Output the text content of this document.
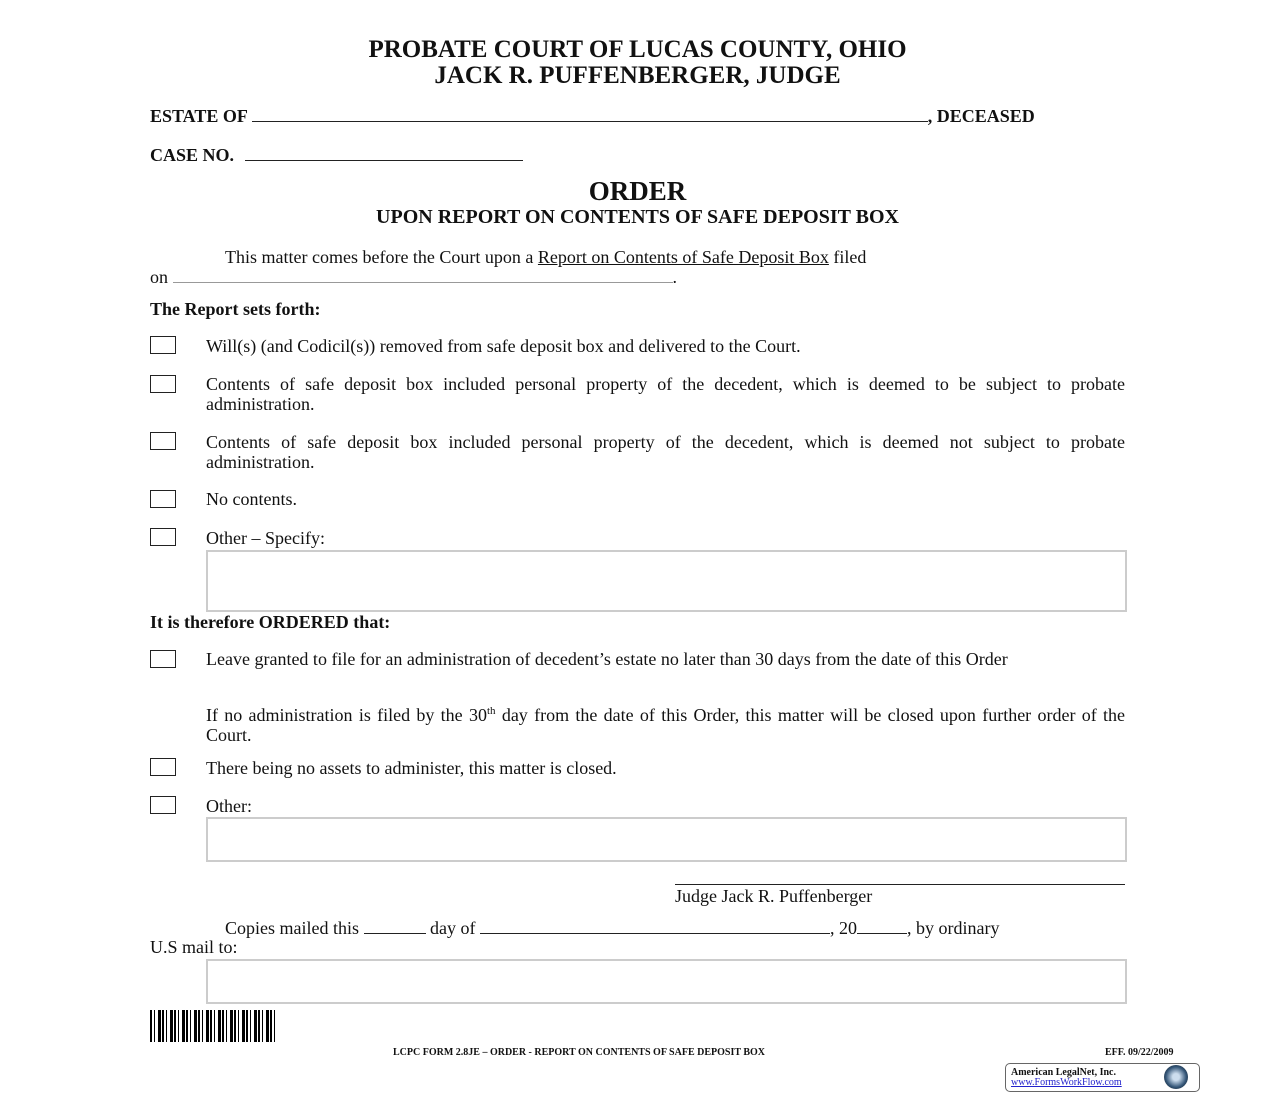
PROBATE COURT OF LUCAS COUNTY, OHIO
JACK R. PUFFENBERGER, JUDGE
ESTATE OF	, DECEASED
CASE NO.
ORDER
UPON REPORT ON CONTENTS OF SAFE DEPOSIT BOX
This matter comes before the Court upon a Report on Contents of Safe Deposit Box filed
on	.
The Report sets forth:
Will(s) (and Codicil(s)) removed from safe deposit box and delivered to the Court.
Contents of safe deposit box included personal property of the decedent, which is deemed to be subject to probate administration.
Contents of safe deposit box included personal property of the decedent, which is deemed not subject to probate administration.
No contents.
Other – Specify:
It is therefore ORDERED that:
Leave granted to file for an administration of decedent’s estate no later than 30 days from the date of this Order
If no administration is filed by the 30th day from the date of this Order, this matter will be closed upon further order of the Court.
There being no assets to administer, this matter is closed.
Other:
Judge Jack R. Puffenberger
Copies mailed this	day of	, 20	, by ordinary
U.S mail to:
LCPC FORM 2.8JE – ORDER - REPORT ON CONTENTS OF SAFE DEPOSIT BOX	EFF. 09/22/2009
American LegalNet, Inc.
www.FormsWorkFlow.com
